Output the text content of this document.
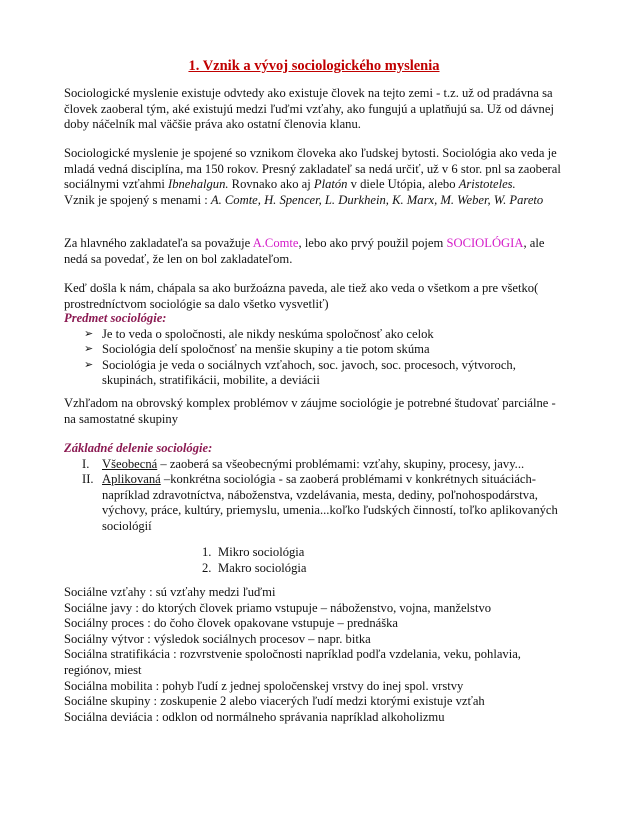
1. Vznik a vývoj sociologického myslenia

Sociologické myslenie existuje odvtedy ako existuje človek na tejto zemi - t.z. už od pradávna sa človek zaoberal tým, aké existujú medzi ľuďmi vzťahy, ako fungujú a uplatňujú sa. Už od dávnej doby náčelník mal väčšie práva ako ostatní členovia klanu.

Sociologické myslenie je spojené so vznikom človeka ako ľudskej bytosti. Sociológia ako veda je mladá vedná disciplína, ma 150 rokov. Presný zakladateľ sa nedá určiť, už v 6 stor. pnl sa zaoberal sociálnymi vzťahmi Ibnehalgun. Rovnako ako aj Platón v diele Utópia, alebo Aristoteles.

Vznik je spojený s menami : A. Comte, H. Spencer, L. Durkhein, K. Marx, M. Weber, W. Pareto

Za hlavného zakladateľa sa považuje A.Comte, lebo ako prvý použil pojem SOCIOLÓGIA, ale nedá sa povedať, že len on bol zakladateľom.

Keď došla k nám, chápala sa ako buržoázna paveda, ale tiež ako veda o všetkom a pre všetko( prostredníctvom sociológie sa dalo všetko vysvetliť)

Predmet sociológie:

➢ Je to veda o spoločnosti, ale nikdy neskúma spoločnosť ako celok
➢ Sociológia delí spoločnosť na menšie skupiny a tie potom skúma
➢ Sociológia je veda o sociálnych vzťahoch, soc. javoch, soc. procesoch, výtvoroch, skupinách, stratifikácii, mobilite, a deviácii

Vzhľadom na obrovský komplex problémov v záujme sociológie je potrebné študovať parciálne - na samostatné skupiny

Základné delenie sociológie:

I. Všeobecná – zaoberá sa všeobecnými problémami: vzťahy, skupiny, procesy, javy...
II. Aplikovaná –konkrétna sociológia - sa zaoberá problémami v konkrétnych situáciách- napríklad zdravotníctva, náboženstva, vzdelávania, mesta, dediny, poľnohospodárstva, výchovy, práce, kultúry, priemyslu, umenia...koľko ľudských činností, toľko aplikovaných sociológií
1. Mikro sociológia
2. Makro sociológia

Sociálne vzťahy : sú vzťahy medzi ľuďmi

Sociálne javy : do ktorých človek priamo vstupuje – náboženstvo, vojna, manželstvo

Sociálny proces : do čoho človek opakovane vstupuje – prednáška

Sociálny výtvor : výsledok sociálnych procesov – napr. bitka

Sociálna stratifikácia : rozvrstvenie spoločnosti napríklad podľa vzdelania, veku, pohlavia, regiónov, miest

Sociálna mobilita : pohyb ľudí z jednej spoločenskej vrstvy do inej spol. vrstvy

Sociálne skupiny : zoskupenie 2 alebo viacerých ľudí medzi ktorými existuje vzťah

Sociálna deviácia : odklon od normálneho správania napríklad alkoholizmu
